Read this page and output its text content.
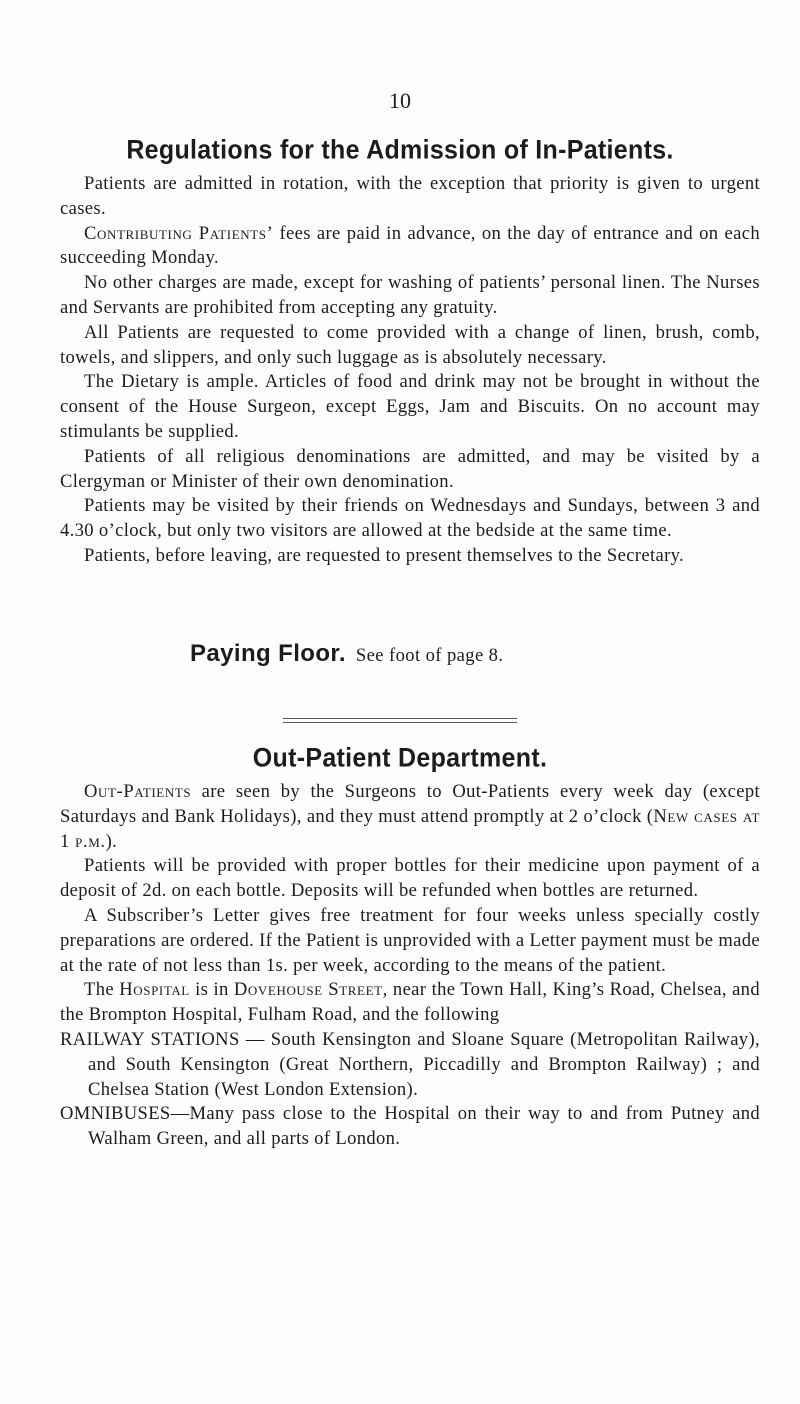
10
Regulations for the Admission of In-Patients.

Patients are admitted in rotation, with the exception that priority is given to urgent cases.

Contributing Patients’ fees are paid in advance, on the day of entrance and on each succeeding Monday.

No other charges are made, except for washing of patients’ personal linen. The Nurses and Servants are prohibited from accepting any gratuity.

All Patients are requested to come provided with a change of linen, brush, comb, towels, and slippers, and only such luggage as is absolutely necessary.

The Dietary is ample. Articles of food and drink may not be brought in without the consent of the House Surgeon, except Eggs, Jam and Biscuits. On no account may stimulants be supplied.

Patients of all religious denominations are admitted, and may be visited by a Clergyman or Minister of their own denomination.

Patients may be visited by their friends on Wednesdays and Sundays, between 3 and 4.30 o’clock, but only two visitors are allowed at the bedside at the same time.

Patients, before leaving, are requested to present themselves to the Secretary.

Paying Floor. See foot of page 8.
Out-Patient Department.

Out-Patients are seen by the Surgeons to Out-Patients every week day (except Saturdays and Bank Holidays), and they must attend promptly at 2 o’clock (New cases at 1 p.m.).

Patients will be provided with proper bottles for their medicine upon payment of a deposit of 2d. on each bottle. Deposits will be refunded when bottles are returned.

A Subscriber’s Letter gives free treatment for four weeks unless specially costly preparations are ordered. If the Patient is unprovided with a Letter payment must be made at the rate of not less than 1s. per week, according to the means of the patient.

The Hospital is in Dovehouse Street, near the Town Hall, King’s Road, Chelsea, and the Brompton Hospital, Fulham Road, and the following

RAILWAY STATIONS — South Kensington and Sloane Square (Metropolitan Railway), and South Kensington (Great Northern, Piccadilly and Brompton Railway) ; and Chelsea Station (West London Extension).

OMNIBUSES—Many pass close to the Hospital on their way to and from Putney and Walham Green, and all parts of London.
